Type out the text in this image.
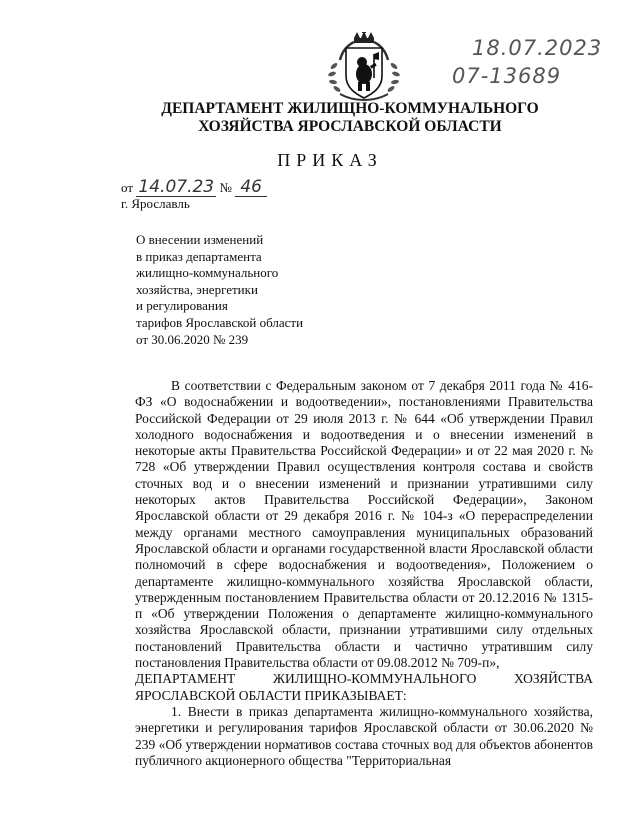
18.07.2023
07-13689
ДЕПАРТАМЕНТ ЖИЛИЩНО-КОММУНАЛЬНОГО
ХОЗЯЙСТВА ЯРОСЛАВСКОЙ ОБЛАСТИ
ПРИКАЗ
от 14.07.23 № 46
г. Ярославль
О внесении изменений
в приказ департамента
жилищно-коммунального
хозяйства, энергетики
и регулирования
тарифов Ярославской области
от 30.06.2020 № 239

В соответствии с Федеральным законом от 7 декабря 2011 года № 416-ФЗ «О водоснабжении и водоотведении», постановлениями Правительства Российской Федерации от 29 июля 2013 г. № 644 «Об утверждении Правил холодного водоснабжения и водоотведения и о внесении изменений в некоторые акты Правительства Российской Федерации» и от 22 мая 2020 г. № 728 «Об утверждении Правил осуществления контроля состава и свойств сточных вод и о внесении изменений и признании утратившими силу некоторых актов Правительства Российской Федерации», Законом Ярославской области от 29 декабря 2016 г. № 104-з «О перераспределении между органами местного самоуправления муниципальных образований Ярославской области и органами государственной власти Ярославской области полномочий в сфере водоснабжения и водоотведения», Положением о департаменте жилищно-коммунального хозяйства Ярославской области, утвержденным постановлением Правительства области от 20.12.2016 № 1315-п «Об утверждении Положения о департаменте жилищно-коммунального хозяйства Ярославской области, признании утратившими силу отдельных постановлений Правительства области и частично утратившим силу постановления Правительства области от 09.08.2012 № 709-п»,

ДЕПАРТАМЕНТ ЖИЛИЩНО-КОММУНАЛЬНОГО ХОЗЯЙСТВА ЯРОСЛАВСКОЙ ОБЛАСТИ ПРИКАЗЫВАЕТ:

1. Внести в приказ департамента жилищно-коммунального хозяйства, энергетики и регулирования тарифов Ярославской области от 30.06.2020 № 239 «Об утверждении нормативов состава сточных вод для объектов абонентов публичного акционерного общества "Территориальная
